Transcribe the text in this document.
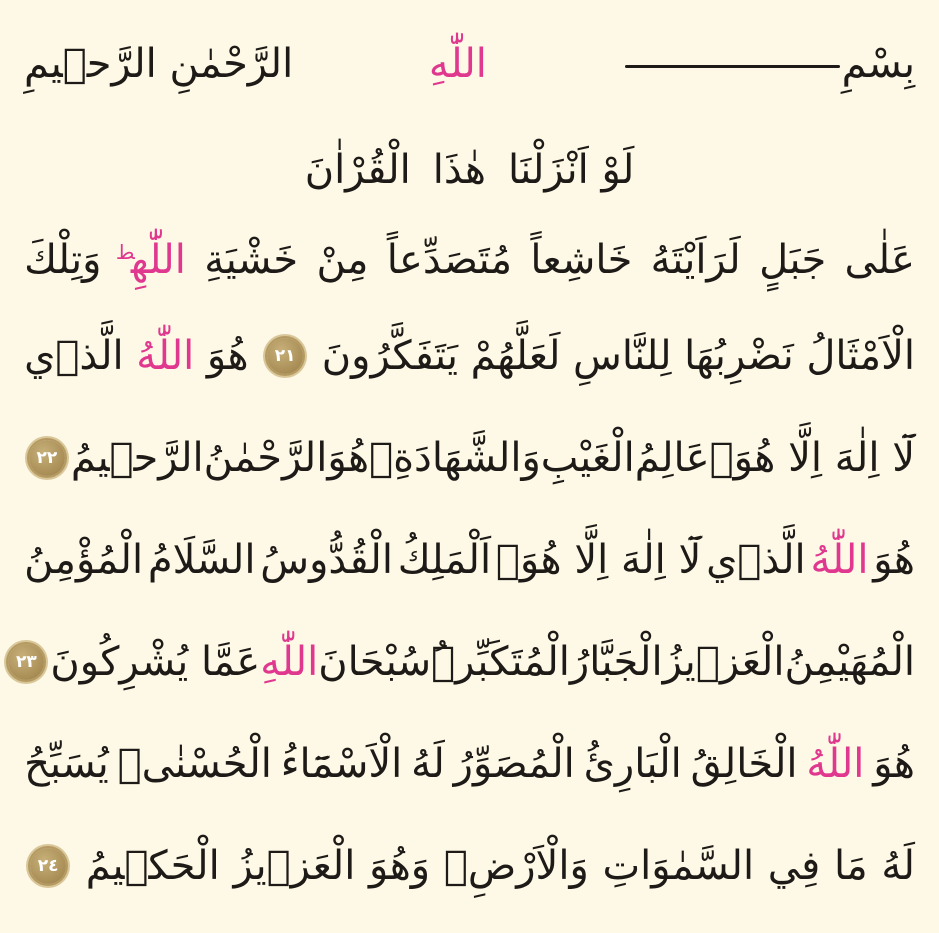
بِسْمِ
اللّٰهِ
الرَّحْمٰنِ الرَّح۪يمِ
لَوْ اَنْزَلْنَا
هٰذَا
الْقُرْاٰنَ
عَلٰى
جَبَلٍ
لَرَاَيْتَهُ
خَاشِعاً
مُتَصَدِّعاً
مِنْ
خَشْيَةِ
اللّٰهِ$^ط$
وَتِلْكَ
الْاَمْثَالُ
نَضْرِبُهَا
لِلنَّاسِ
لَعَلَّهُمْ
يَتَفَكَّرُونَ
٢١
هُوَ
اللّٰهُ
الَّذ۪ي
لَٓا اِلٰهَ اِلَّا هُوَۚ
عَالِمُ
الْغَيْبِ
وَالشَّهَادَةِۚ
هُوَ
الرَّحْمٰنُ
الرَّح۪يمُ
٢٢
هُوَ
اللّٰهُ
الَّذ۪ي
لَٓا اِلٰهَ اِلَّا هُوَۚ
اَلْمَلِكُ
الْقُدُّوسُ
السَّلَامُ
الْمُؤْمِنُ
الْمُهَيْمِنُ
الْعَز۪يزُ
الْجَبَّارُ
الْمُتَكَبِّرُۜ
سُبْحَانَ
اللّٰهِ
عَمَّا يُشْرِكُونَ
٢٣
هُوَ
اللّٰهُ
الْخَالِقُ
الْبَارِئُ
الْمُصَوِّرُ
لَهُ
الْاَسْمَٓاءُ
الْحُسْنٰىۜ
يُسَبِّحُ
لَهُ
مَا
فِي
السَّمٰوَاتِ
وَالْاَرْضِۚ
وَهُوَ
الْعَز۪يزُ
الْحَك۪يمُ
٢٤
